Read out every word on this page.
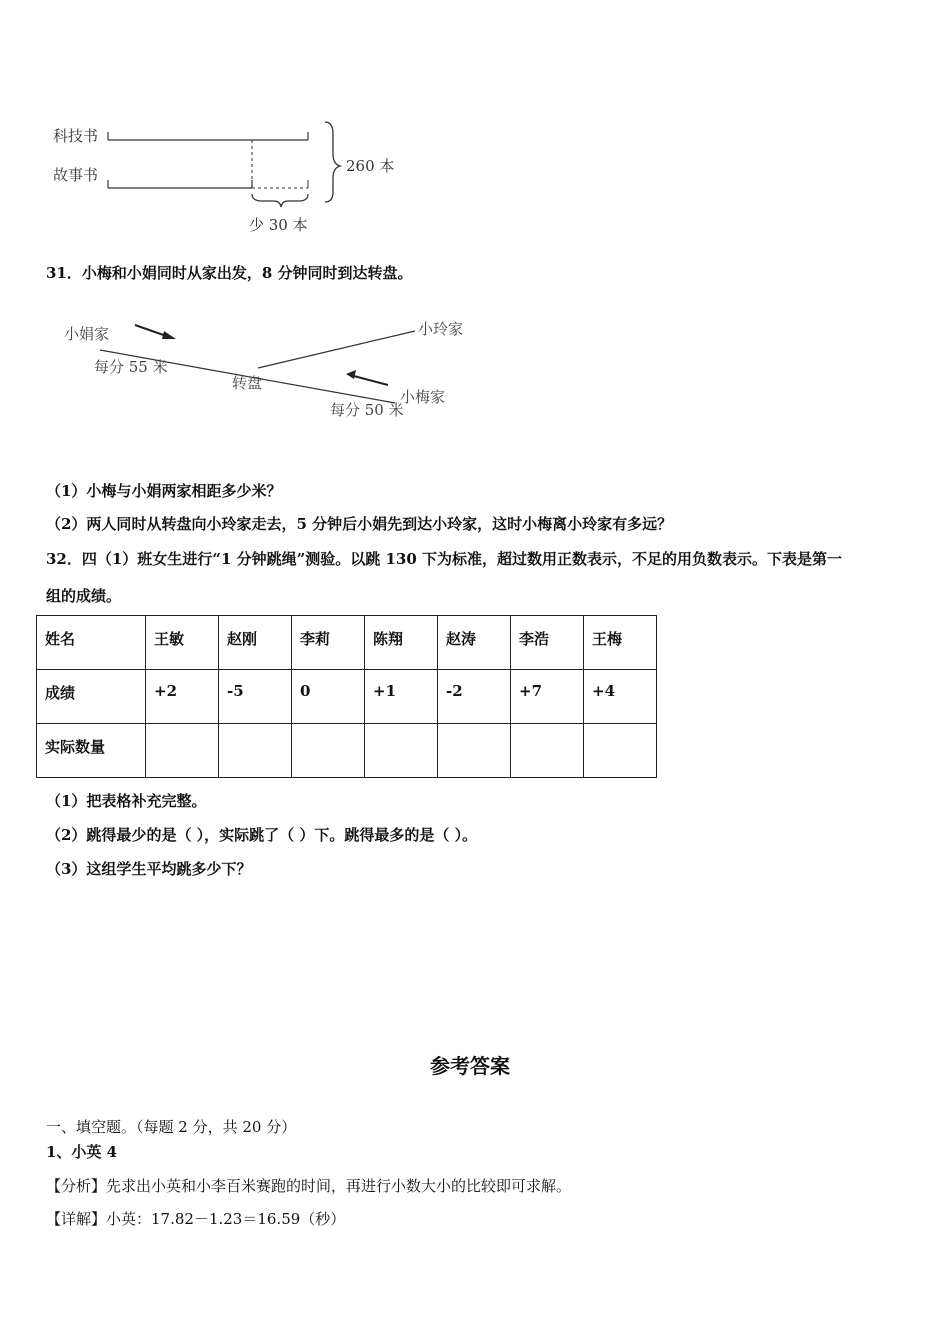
科技书
故事书	260 本
少 30 本
31．小梅和小娟同时从家出发，8 分钟同时到达转盘。
小娟家	小玲家
小梅家
转盘
每分 55 米
每分 50 米
（1）小梅与小娟两家相距多少米？
（2）两人同时从转盘向小玲家走去，5 分钟后小娟先到达小玲家，这时小梅离小玲家有多远？
32．四（1）班女生进行“1 分钟跳绳”测验。以跳 130 下为标准，超过数用正数表示，不足的用负数表示。下表是第一
组的成绩。
姓名	王敏	赵刚	李莉	陈翔	赵涛	李浩	王梅
成绩	+2	-5	0	+1	-2	+7	+4
实际数量							
（1）把表格补充完整。
（2）跳得最少的是（ ），实际跳了（ ）下。跳得最多的是（ ）。
（3）这组学生平均跳多少下？
参考答案
一、填空题。（每题 2 分，共 20 分）
1、小英 4
【分析】先求出小英和小李百米赛跑的时间，再进行小数大小的比较即可求解。
【详解】小英：17.82－1.23＝16.59（秒）
